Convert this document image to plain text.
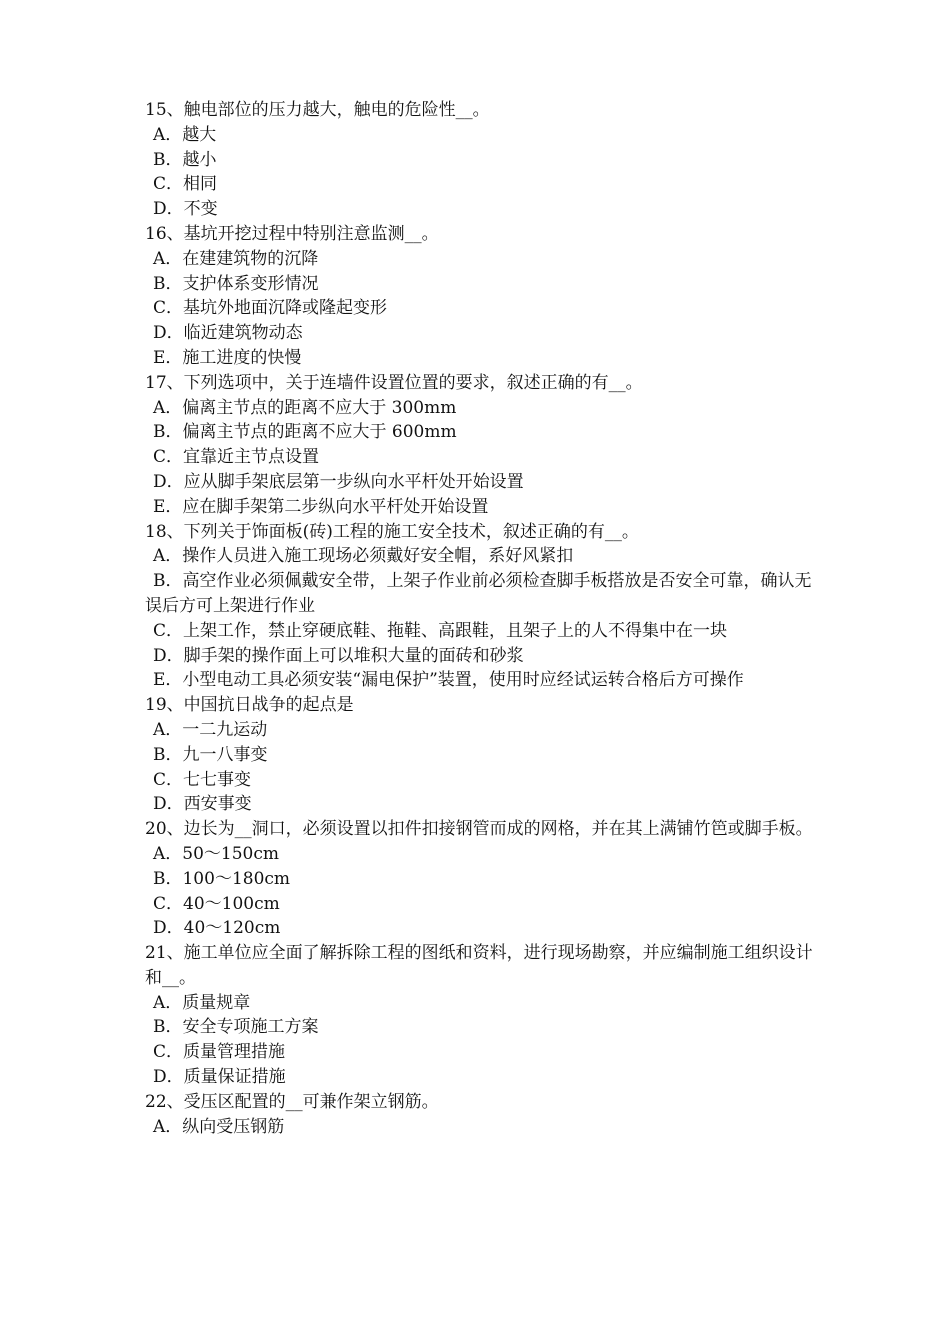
15、触电部位的压力越大，触电的危险性__。
A．越大
B．越小
C．相同
D．不变
16、基坑开挖过程中特别注意监测__。
A．在建建筑物的沉降
B．支护体系变形情况
C．基坑外地面沉降或隆起变形
D．临近建筑物动态
E．施工进度的快慢
17、下列选项中，关于连墙件设置位置的要求，叙述正确的有__。
A．偏离主节点的距离不应大于 300mm
B．偏离主节点的距离不应大于 600mm
C．宜靠近主节点设置
D．应从脚手架底层第一步纵向水平杆处开始设置
E．应在脚手架第二步纵向水平杆处开始设置
18、下列关于饰面板(砖)工程的施工安全技术，叙述正确的有__。
A．操作人员进入施工现场必须戴好安全帽，系好风紧扣
B．高空作业必须佩戴安全带，上架子作业前必须检查脚手板搭放是否安全可靠，确认无误后方可上架进行作业
C．上架工作，禁止穿硬底鞋、拖鞋、高跟鞋，且架子上的人不得集中在一块
D．脚手架的操作面上可以堆积大量的面砖和砂浆
E．小型电动工具必须安装“漏电保护”装置，使用时应经试运转合格后方可操作
19、中国抗日战争的起点是
A．一二九运动
B．九一八事变
C．七七事变
D．西安事变
20、边长为__洞口，必须设置以扣件扣接钢管而成的网格，并在其上满铺竹笆或脚手板。
A．50～150cm
B．100～180cm
C．40～100cm
D．40～120cm
21、施工单位应全面了解拆除工程的图纸和资料，进行现场勘察，并应编制施工组织设计和__。
A．质量规章
B．安全专项施工方案
C．质量管理措施
D．质量保证措施
22、受压区配置的__可兼作架立钢筋。
A．纵向受压钢筋
